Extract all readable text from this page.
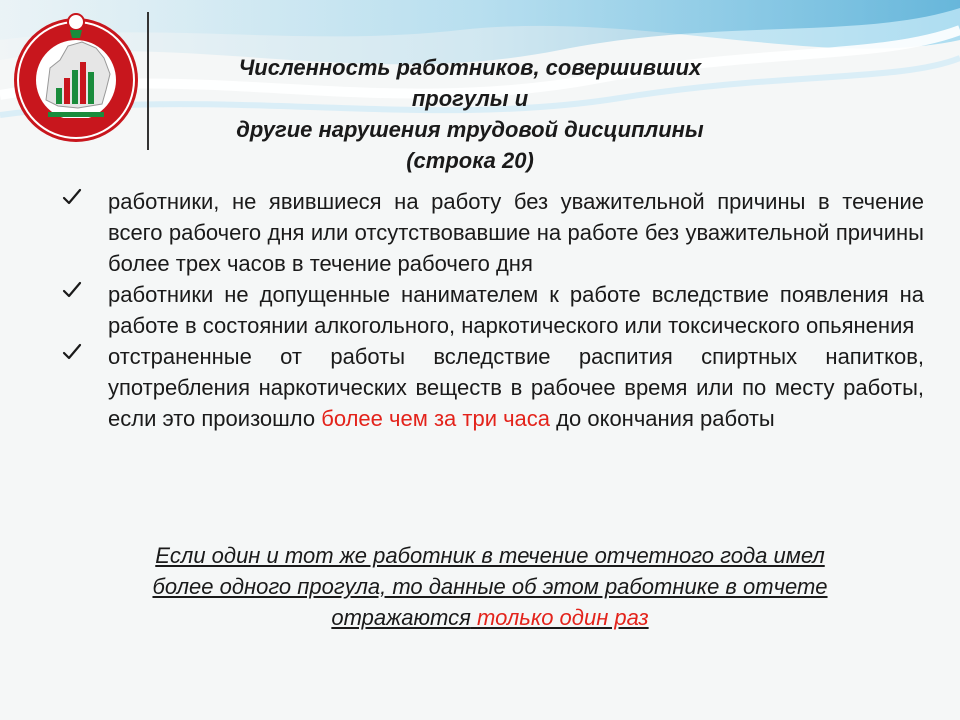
Численность работников, совершивших прогулы и
другие нарушения трудовой дисциплины
(строка 20)
работники, не явившиеся на работу без уважительной причины в течение всего рабочего дня или отсутствовавшие на работе без уважительной причины более трех часов в течение рабочего дня
работники не допущенные нанимателем к работе вследствие появления на работе в состоянии алкогольного, наркотического или токсического опьянения
отстраненные от работы вследствие распития спиртных напитков, употребления наркотических веществ в рабочее время или по месту работы, если это произошло более чем за три часа до окончания работы
Если один и тот же работник в течение отчетного года имел
более одного прогула, то данные об этом работнике в отчете
отражаются только один раз
